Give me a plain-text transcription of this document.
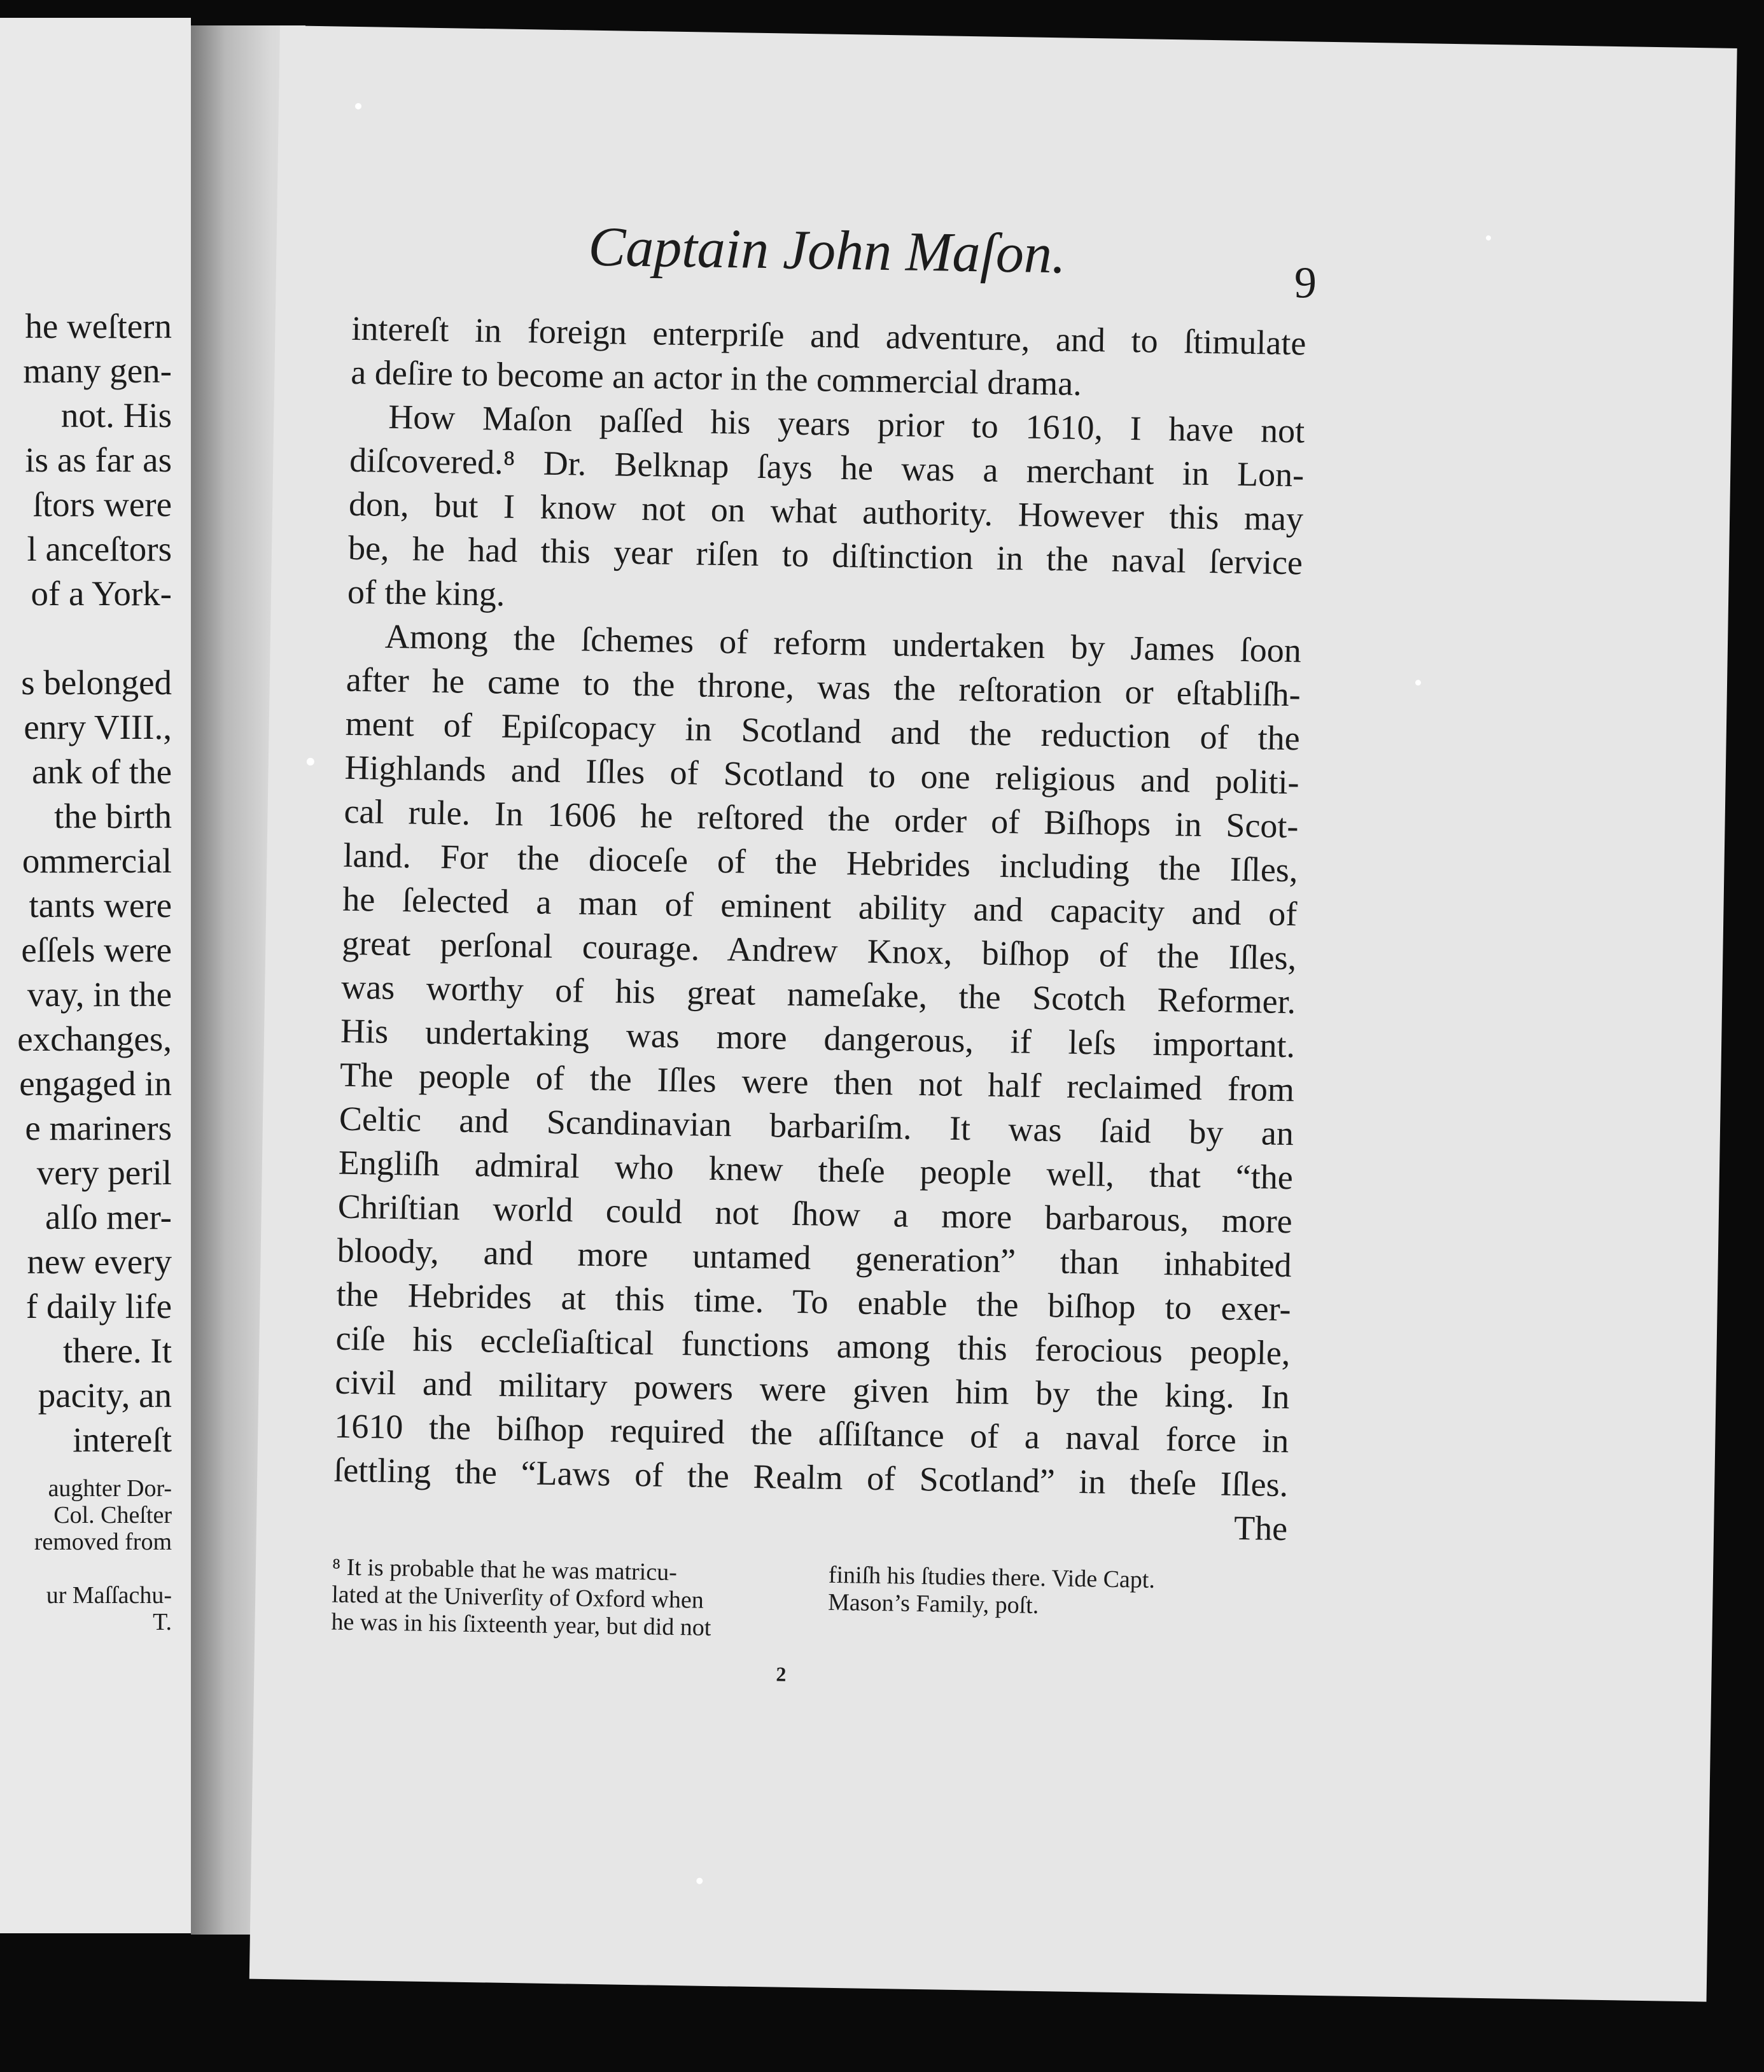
he weſtern
many gen-
not. His
is as far as
ſtors were
l anceſtors
of a York-
s belonged
enry VIII.,
ank of the
the birth
ommercial
tants were
eſſels were
vay, in the
exchanges,
engaged in
e mariners
very peril
alſo mer-
new every
f daily life
there. It
pacity, an
intereſt
aughter Dor-
Col. Cheſter
removed from
ur Maſſachu-
T.
Captain John Maſon.	9
intereſt in foreign enterpriſe and adventure, and to ſtimulate
a deſire to become an actor in the commercial drama.
How Maſon paſſed his years prior to 1610, I have not
diſcovered.⁸ Dr. Belknap ſays he was a merchant in Lon-
don, but I know not on what authority. However this may
be, he had this year riſen to diſtinction in the naval ſervice
of the king.
Among the ſchemes of reform undertaken by James ſoon
after he came to the throne, was the reſtoration or eſtabliſh-
ment of Epiſcopacy in Scotland and the reduction of the
Highlands and Iſles of Scotland to one religious and politi-
cal rule. In 1606 he reſtored the order of Biſhops in Scot-
land. For the dioceſe of the Hebrides including the Iſles,
he ſelected a man of eminent ability and capacity and of
great perſonal courage. Andrew Knox, biſhop of the Iſles,
was worthy of his great nameſake, the Scotch Reformer.
His undertaking was more dangerous, if leſs important.
The people of the Iſles were then not half reclaimed from
Celtic and Scandinavian barbariſm. It was ſaid by an
Engliſh admiral who knew theſe people well, that “the
Chriſtian world could not ſhow a more barbarous, more
bloody, and more untamed generation” than inhabited
the Hebrides at this time. To enable the biſhop to exer-
ciſe his eccleſiaſtical functions among this ferocious people,
civil and military powers were given him by the king. In
1610 the biſhop required the aſſiſtance of a naval force in
ſettling the “Laws of the Realm of Scotland” in theſe Iſles.
The
⁸ It is probable that he was matricu-
lated at the Univerſity of Oxford when
he was in his ſixteenth year, but did not
finiſh his ſtudies there. Vide Capt.
Mason’s Family, poſt.
2
